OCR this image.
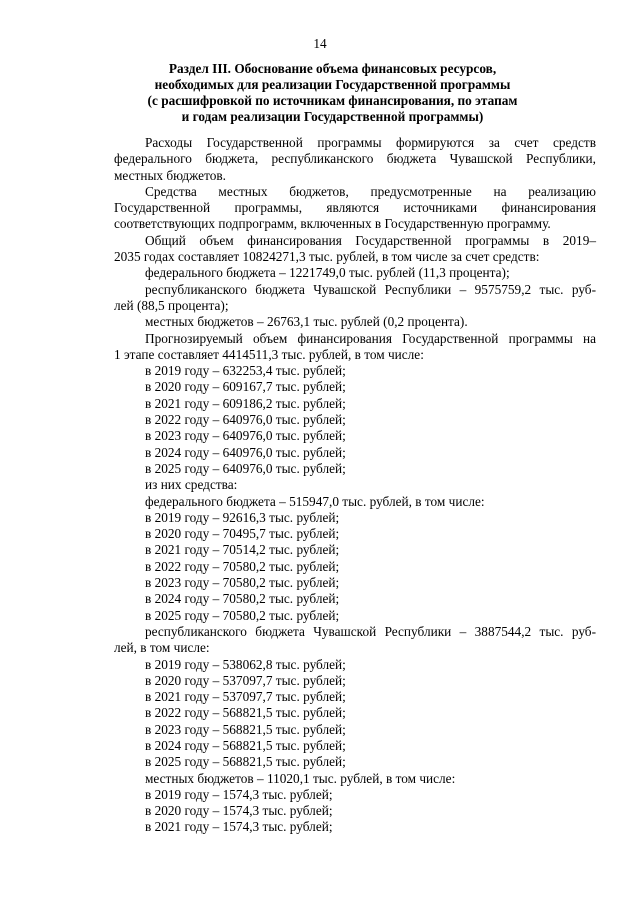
14
Раздел III. Обоснование объема финансовых ресурсов,
необходимых для реализации Государственной программы
(с расшифровкой по источникам финансирования, по этапам
и годам реализации Государственной программы)

Расходы Государственной программы формируются за счет средств федерального бюджета, республиканского бюджета Чувашской Республики, местных бюджетов.

Средства местных бюджетов, предусмотренные на реализацию Государственной программы, являются источниками финансирования соответствующих подпрограмм, включенных в Государственную программу.

Общий объем финансирования Государственной программы в 2019–
2035 годах составляет 10824271,3 тыс. рублей, в том числе за счет средств:
федерального бюджета – 1221749,0 тыс. рублей (11,3 процента);
республиканского бюджета Чувашской Республики – 9575759,2 тыс. руб-
лей (88,5 процента);
местных бюджетов – 26763,1 тыс. рублей (0,2 процента).
Прогнозируемый объем финансирования Государственной программы на
1 этапе составляет 4414511,3 тыс. рублей, в том числе:
в 2019 году – 632253,4 тыс. рублей;
в 2020 году – 609167,7 тыс. рублей;
в 2021 году – 609186,2 тыс. рублей;
в 2022 году – 640976,0 тыс. рублей;
в 2023 году – 640976,0 тыс. рублей;
в 2024 году – 640976,0 тыс. рублей;
в 2025 году – 640976,0 тыс. рублей;
из них средства:
федерального бюджета – 515947,0 тыс. рублей, в том числе:
в 2019 году – 92616,3 тыс. рублей;
в 2020 году – 70495,7 тыс. рублей;
в 2021 году – 70514,2 тыс. рублей;
в 2022 году – 70580,2 тыс. рублей;
в 2023 году – 70580,2 тыс. рублей;
в 2024 году – 70580,2 тыс. рублей;
в 2025 году – 70580,2 тыс. рублей;
республиканского бюджета Чувашской Республики – 3887544,2 тыс. руб-
лей, в том числе:
в 2019 году – 538062,8 тыс. рублей;
в 2020 году – 537097,7 тыс. рублей;
в 2021 году – 537097,7 тыс. рублей;
в 2022 году – 568821,5 тыс. рублей;
в 2023 году – 568821,5 тыс. рублей;
в 2024 году – 568821,5 тыс. рублей;
в 2025 году – 568821,5 тыс. рублей;
местных бюджетов – 11020,1 тыс. рублей, в том числе:
в 2019 году – 1574,3 тыс. рублей;
в 2020 году – 1574,3 тыс. рублей;
в 2021 году – 1574,3 тыс. рублей;
